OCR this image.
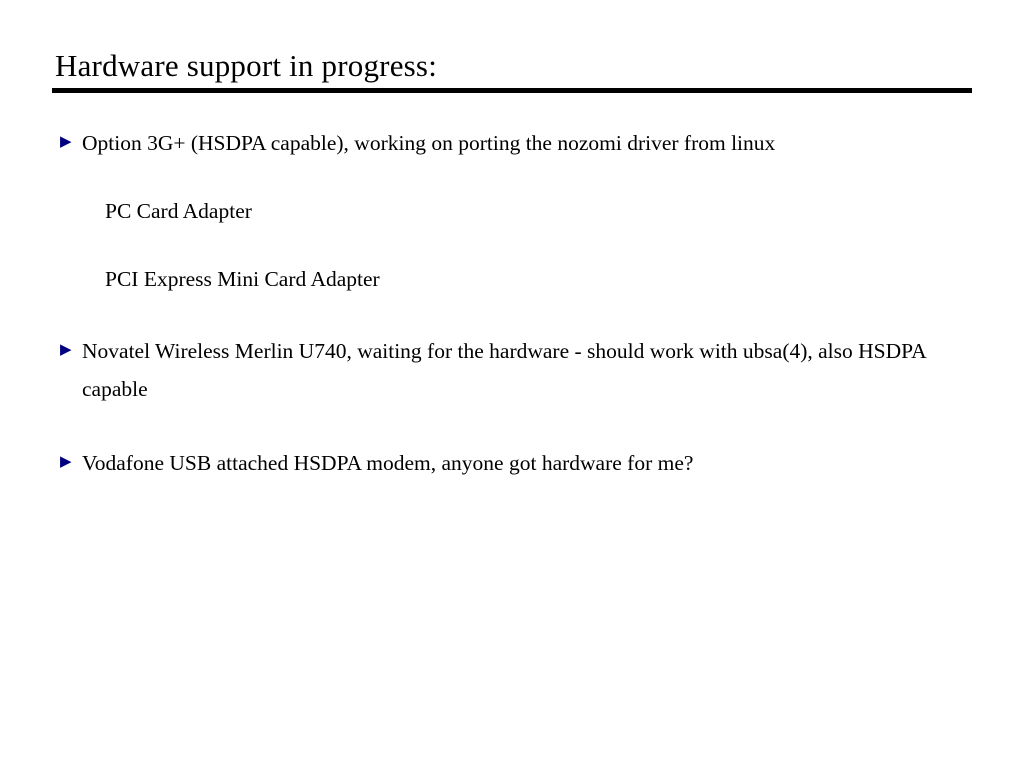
Hardware support in progress:
▶ Option 3G+ (HSDPA capable), working on porting the nozomi driver from linux
PC Card Adapter
PCI Express Mini Card Adapter
▶ Novatel Wireless Merlin U740, waiting for the hardware - should work with ubsa(4), also HSDPA capable
▶ Vodafone USB attached HSDPA modem, anyone got hardware for me?
